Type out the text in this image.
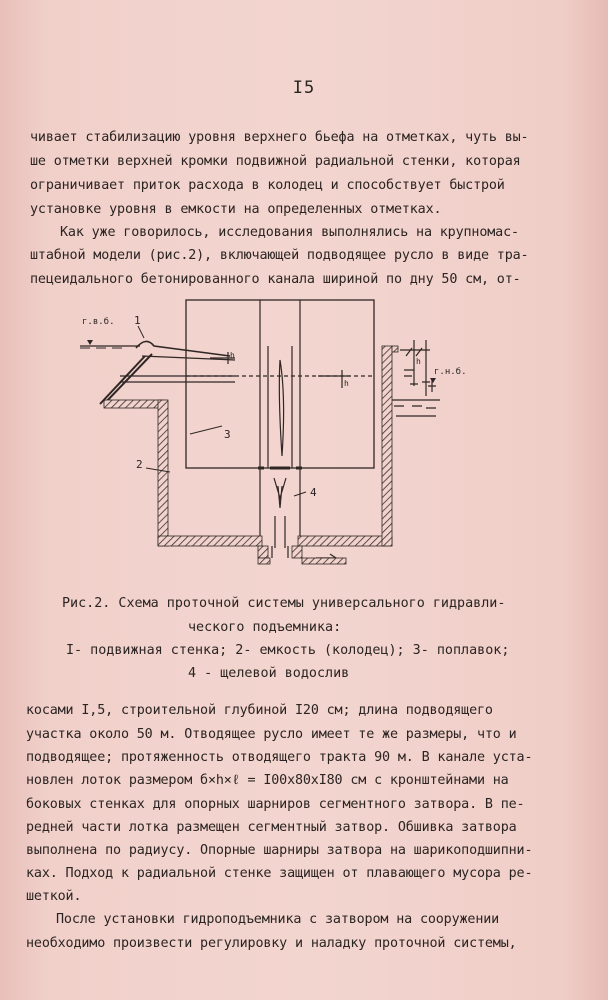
I5
чивает стабилизацию уровня верхнего бьефа на отметках, чуть вы-
ше отметки верхней кромки подвижной радиальной стенки, которая
ограничивает приток расхода в колодец и способствует быстрой
установке уровня в емкости на определенных отметках.
Как уже говорилось, исследования выполнялись на крупномас-
штабной модели (рис.2), включающей подводящее русло в виде тра-
пецеидального бетонированного канала шириной по дну 50 см, от-
г.в.б.
г.н.б.
1
2
3
4
h
h
h
Рис.2. Схема проточной системы универсального гидравли-
ческого подъемника:
I- подвижная стенка; 2- емкость (колодец); 3- поплавок;
4 - щелевой водослив
косами I,5, строительной глубиной I20 см; длина подводящего
участка около 50 м. Отводящее русло имеет те же размеры, что и
подводящее; протяженность отводящего тракта 90 м. В канале уста-
новлен лоток размером б×h×ℓ = I00x80xI80 см с кронштейнами на
боковых стенках для опорных шарниров сегментного затвора. В пе-
редней части лотка размещен сегментный затвор. Обшивка затвора
выполнена по радиусу. Опорные шарниры затвора на шарикоподшипни-
ках. Подход к радиальной стенке защищен от плавающего мусора ре-
шеткой.
После установки гидроподъемника с затвором на сооружении
необходимо произвести регулировку и наладку проточной системы,
